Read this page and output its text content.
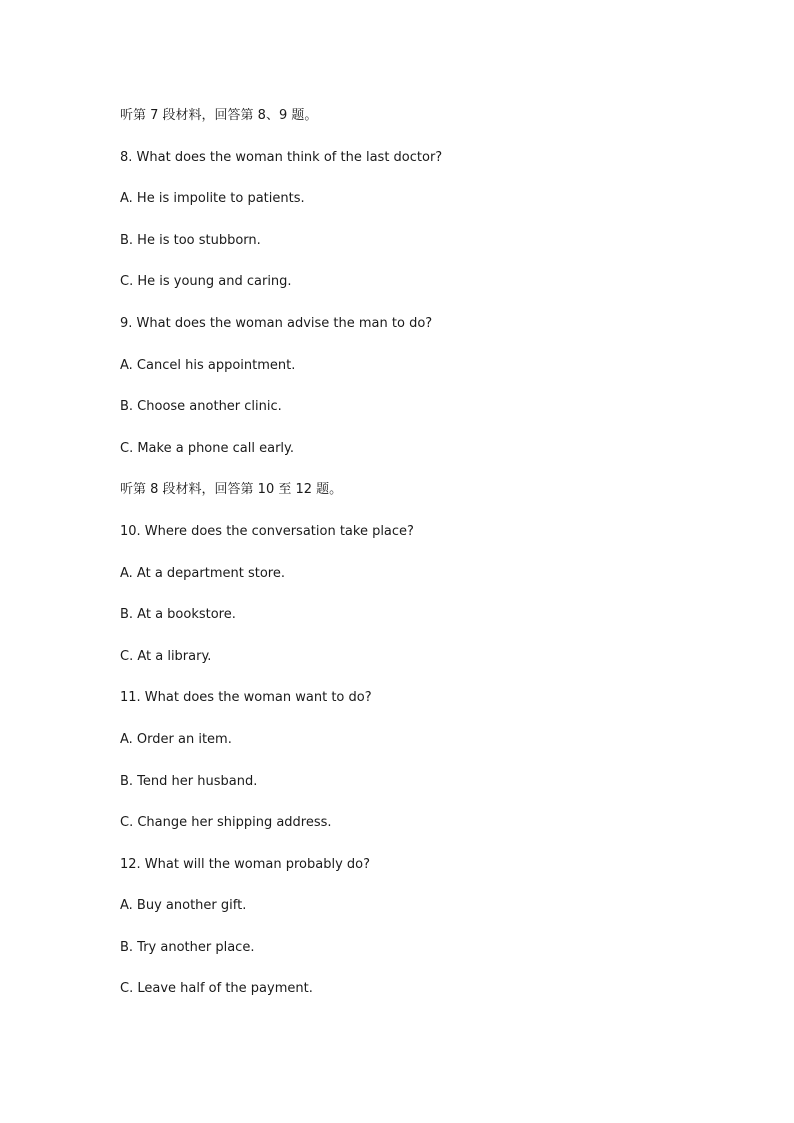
听第 7 段材料，回答第 8、9 题。
8. What does the woman think of the last doctor?
A. He is impolite to patients.
B. He is too stubborn.
C. He is young and caring.
9. What does the woman advise the man to do?
A. Cancel his appointment.
B. Choose another clinic.
C. Make a phone call early.
听第 8 段材料，回答第 10 至 12 题。
10. Where does the conversation take place?
A. At a department store.
B. At a bookstore.
C. At a library.
11. What does the woman want to do?
A. Order an item.
B. Tend her husband.
C. Change her shipping address.
12. What will the woman probably do?
A. Buy another gift.
B. Try another place.
C. Leave half of the payment.
